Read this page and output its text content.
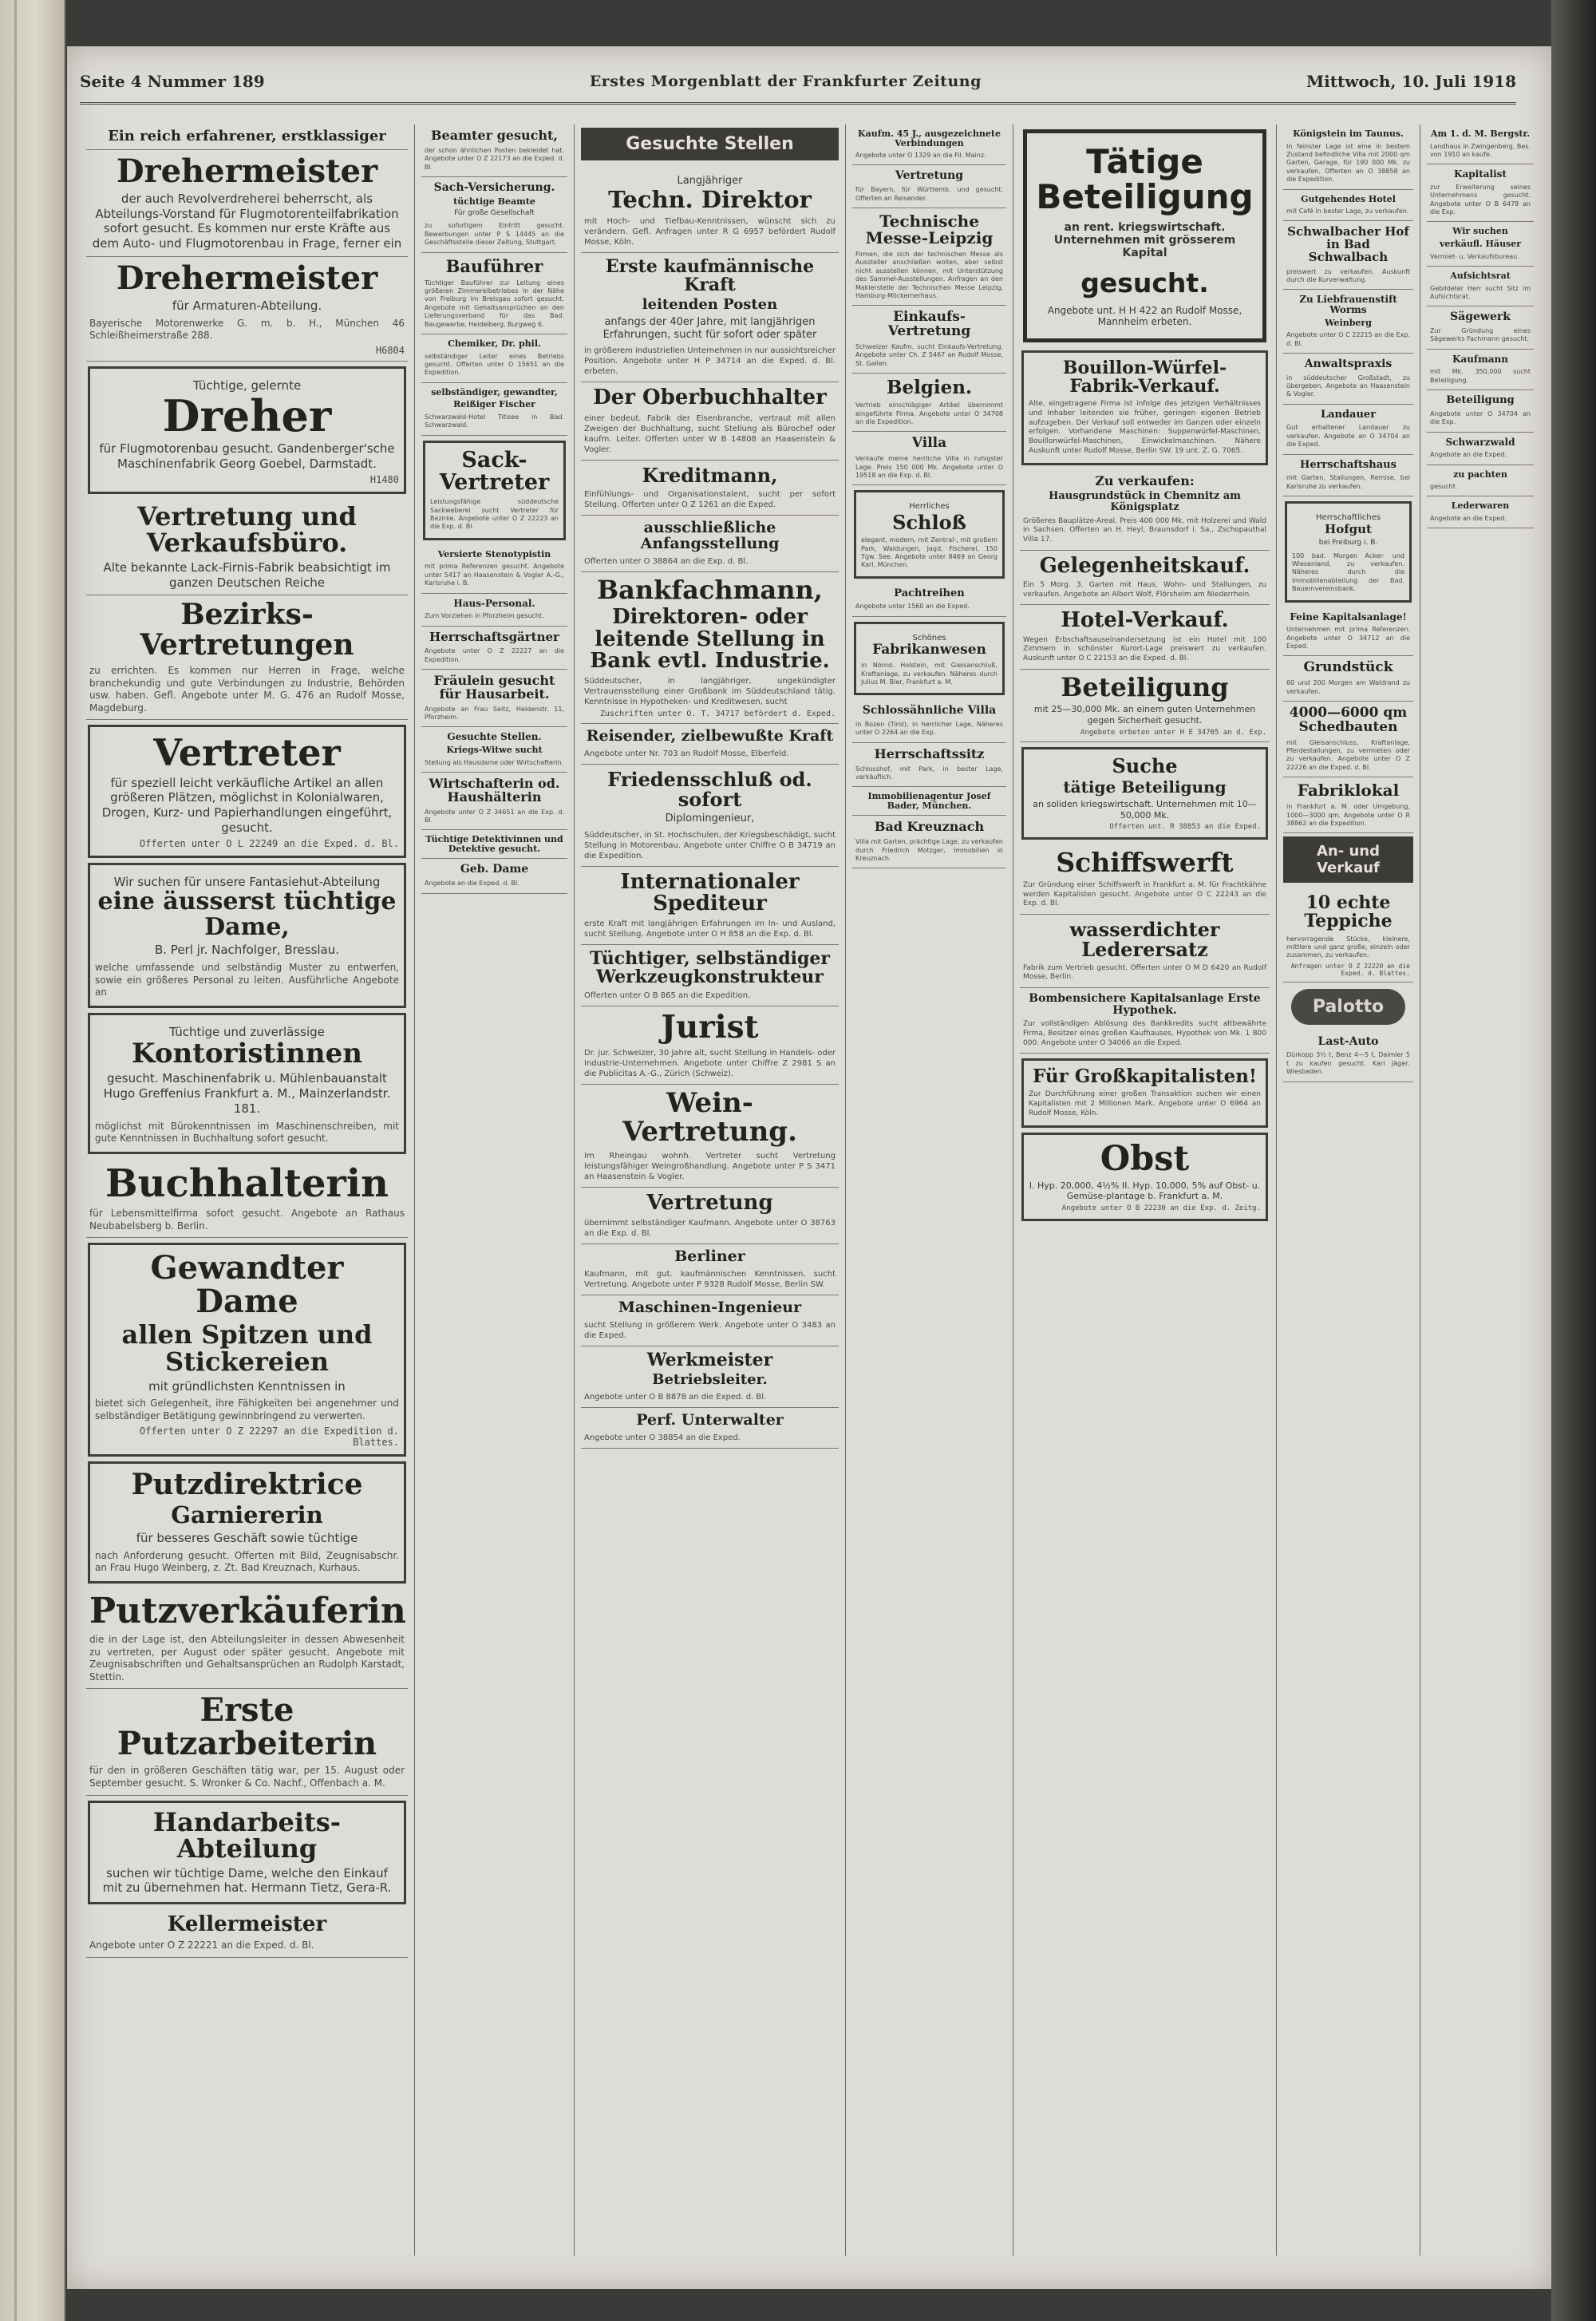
Seite 4 Nummer 189	Erstes Morgenblatt der Frankfurter Zeitung	Mittwoch, 10. Juli 1918
Ein reich erfahrener, erstklassiger
Drehermeister
der auch Revolverdreherei beherrscht, als Abteilungs-Vorstand für Flugmotorenteilfabrikation sofort gesucht. Es kommen nur erste Kräfte aus dem Auto- und Flugmotorenbau in Frage, ferner ein
Drehermeister
für Armaturen-Abteilung.
Bayerische Motorenwerke G. m. b. H., München 46 Schleißheimerstraße 288.
H6804
Tüchtige, gelernte
Dreher
für Flugmotorenbau gesucht. Gandenberger'sche Maschinenfabrik Georg Goebel, Darmstadt.
H1480
Vertretung und Verkaufsbüro.
Alte bekannte Lack-Firnis-Fabrik beabsichtigt im ganzen Deutschen Reiche
Bezirks-Vertretungen
zu errichten. Es kommen nur Herren in Frage, welche branchekundig und gute Verbindungen zu Industrie, Behörden usw. haben. Gefl. Angebote unter M. G. 476 an Rudolf Mosse, Magdeburg.
Vertreter
für speziell leicht verkäufliche Artikel an allen größeren Plätzen, möglichst in Kolonialwaren, Drogen, Kurz- und Papierhandlungen eingeführt, gesucht.
Offerten unter O L 22249 an die Exped. d. Bl.
Wir suchen für unsere Fantasiehut-Abteilung
eine äusserst tüchtige Dame,
B. Perl jr. Nachfolger, Bresslau.
welche umfassende und selbständig Muster zu entwerfen, sowie ein größeres Personal zu leiten. Ausführliche Angebote an
Tüchtige und zuverlässige
Kontoristinnen
gesucht. Maschinenfabrik u. Mühlenbauanstalt Hugo Greffenius Frankfurt a. M., Mainzerlandstr. 181.
möglichst mit Bürokenntnissen im Maschinenschreiben, mit gute Kenntnissen in Buchhaltung sofort gesucht.
Buchhalterin
für Lebensmittelfirma sofort gesucht. Angebote an Rathaus Neubabelsberg b. Berlin.
Gewandter Dame
allen Spitzen und Stickereien
mit gründlichsten Kenntnissen in
bietet sich Gelegenheit, ihre Fähigkeiten bei angenehmer und selbständiger Betätigung gewinnbringend zu verwerten.
Offerten unter O Z 22297 an die Expedition d. Blattes.
Putzdirektrice
Garniererin
für besseres Geschäft sowie tüchtige
nach Anforderung gesucht. Offerten mit Bild, Zeugnisabschr. an Frau Hugo Weinberg, z. Zt. Bad Kreuznach, Kurhaus.
Putzverkäuferin
die in der Lage ist, den Abteilungsleiter in dessen Abwesenheit zu vertreten, per August oder später gesucht. Angebote mit Zeugnisabschriften und Gehaltsansprüchen an Rudolph Karstadt, Stettin.
Erste Putzarbeiterin
für den in größeren Geschäften tätig war, per 15. August oder September gesucht. S. Wronker & Co. Nachf., Offenbach a. M.
Handarbeits-Abteilung
suchen wir tüchtige Dame, welche den Einkauf mit zu übernehmen hat. Hermann Tietz, Gera-R.
Kellermeister
Angebote unter O Z 22221 an die Exped. d. Bl.
Beamter gesucht,
der schon ähnlichen Posten bekleidet hat. Angebote unter O Z 22173 an die Exped. d. Bl.
Sach-Versicherung.
tüchtige Beamte
Für große Gesellschaft
zu sofortigem Eintritt gesucht. Bewerbungen unter P S 14445 an die Geschäftsstelle dieser Zeitung, Stuttgart.
Bauführer
Tüchtiger Bauführer zur Leitung eines größeren Zimmereibetriebes in der Nähe von Freiburg im Breisgau sofort gesucht. Angebote mit Gehaltsansprüchen an den Lieferungsverband für das Bad. Baugewerbe, Heidelberg, Burgweg 6.
Chemiker, Dr. phil.
selbständiger Leiter eines Betriebs gesucht. Offerten unter O 15651 an die Expedition.
selbständiger, gewandter,
Reißiger Fischer
Schwarzwald-Hotel Titisee in Bad. Schwarzwald.
Sack-Vertreter
Leistungsfähige süddeutsche Sackweberei sucht Vertreter für Bezirke. Angebote unter O Z 22223 an die Exp. d. Bl.
Versierte Stenotypistin
mit prima Referenzen gesucht. Angebote unter 5417 an Haasenstein & Vogler A.-G., Karlsruhe i. B.
Haus-Personal.
Zum Vorziehen in Pforzheim gesucht.
Herrschaftsgärtner
Angebote unter O Z 22227 an die Expedition.
Fräulein gesucht für Hausarbeit.
Angebote an Frau Seitz, Heidenstr. 11, Pforzheim.
Gesuchte Stellen.
Kriegs-Witwe sucht
Stellung als Hausdame oder Wirtschafterin.
Wirtschafterin od. Haushälterin
Angebote unter O Z 34651 an die Exp. d. Bl.
Tüchtige Detektivinnen und Detektive gesucht.
Geb. Dame
Angebote an die Exped. d. Bl.
Gesuchte Stellen
Langjähriger
Techn. Direktor
mit Hoch- und Tiefbau-Kenntnissen, wünscht sich zu verändern. Gefl. Anfragen unter R G 6957 befördert Rudolf Mosse, Köln.
Erste kaufmännische Kraft
leitenden Posten
anfangs der 40er Jahre, mit langjährigen Erfahrungen, sucht für sofort oder später
in größerem industriellen Unternehmen in nur aussichtsreicher Position. Angebote unter H P 34714 an die Exped. d. Bl. erbeten.
Der Oberbuchhalter
einer bedeut. Fabrik der Eisenbranche, vertraut mit allen Zweigen der Buchhaltung, sucht Stellung als Bürochef oder kaufm. Leiter. Offerten unter W B 14808 an Haasenstein & Vogler.
Kreditmann,
Einfühlungs- und Organisationstalent, sucht per sofort Stellung. Offerten unter O Z 1261 an die Exped.
ausschließliche Anfangsstellung
Offerten unter O 38864 an die Exp. d. Bl.
Bankfachmann,
Direktoren- oder leitende Stellung in Bank evtl. Industrie.
Süddeutscher, in langjähriger, ungekündigter Vertrauensstellung einer Großbank im Süddeutschland tätig. Kenntnisse in Hypotheken- und Kreditwesen, sucht
Zuschriften unter O. T. 34717 befördert d. Exped.
Reisender, zielbewußte Kraft
Angebote unter Nr. 703 an Rudolf Mosse, Elberfeld.
Friedensschluß od. sofort
Diplomingenieur,
Süddeutscher, in St. Hochschulen, der Kriegsbeschädigt, sucht Stellung in Motorenbau. Angebote unter Chiffre O B 34719 an die Expedition.
Internationaler Spediteur
erste Kraft mit langjährigen Erfahrungen im In- und Ausland, sucht Stellung. Angebote unter O H 858 an die Exp. d. Bl.
Tüchtiger, selbständiger Werkzeugkonstrukteur
Offerten unter O B 865 an die Expedition.
Jurist
Dr. jur. Schweizer, 30 Jahre alt, sucht Stellung in Handels- oder Industrie-Unternehmen. Angebote unter Chiffre Z 2981 S an die Publicitas A.-G., Zürich (Schweiz).
Wein-Vertretung.
Im Rheingau wohnh. Vertreter sucht Vertretung leistungsfähiger Weingroßhandlung. Angebote unter P S 3471 an Haasenstein & Vogler.
Vertretung
übernimmt selbständiger Kaufmann. Angebote unter O 38763 an die Exp. d. Bl.
Berliner
Kaufmann, mit gut. kaufmännischen Kenntnissen, sucht Vertretung. Angebote unter P 9328 Rudolf Mosse, Berlin SW.
Maschinen-Ingenieur
sucht Stellung in größerem Werk. Angebote unter O 3483 an die Exped.
Werkmeister
Betriebsleiter.
Angebote unter O B 8878 an die Exped. d. Bl.
Perf. Unterwalter
Angebote unter O 38854 an die Exped.
Kaufm. 45 J., ausgezeichnete Verbindungen
Angebote unter O 1329 an die Fil. Mainz.
Vertretung
für Bayern, für Württemb. und gesucht. Offerten an Reisender.
Technische Messe-Leipzig
Firmen, die sich der technischen Messe als Aussteller anschließen wollen, aber selbst nicht ausstellen können, mit Unterstützung des Sammel-Ausstellungen. Anfragen an den Maklerstelle der Technischen Messe Leipzig, Hamburg-Möckernerhaus.
Einkaufs-Vertretung
Schweizer Kaufm. sucht Einkaufs-Vertretung. Angebote unter Ch. Z 5467 an Rudolf Mosse, St. Gallen.
Belgien.
Vertrieb einschlägiger Artikel übernimmt eingeführte Firma. Angebote unter O 34708 an die Expedition.
Villa
Verkaufe meine herrliche Villa in ruhigster Lage. Preis 150 000 Mk. Angebote unter O 19518 an die Exp. d. Bl.
Herrliches
Schloß
elegant, modern, mit Zentral-, mit großem Park, Waldungen, Jagd, Fischerei, 150 Tgw. See. Angebote unter 8469 an Georg Karl, München.
Pachtreihen
Angebote unter 1560 an die Exped.
Schönes
Fabrikanwesen
in Nörnd. Holstein, mit Gleisanschluß, Kraftanlage, zu verkaufen. Näheres durch Julius M. Bier, Frankfurt a. M.
Schlossähnliche Villa
in Bozen (Tirol), in herrlicher Lage, Näheres unter O 2264 an die Exp.
Herrschaftssitz
Schlosshof, mit Park, in bester Lage, verkäuflich.
Immobilienagentur Josef Bader, München.
Bad Kreuznach
Villa mit Garten, prächtige Lage, zu verkaufen durch Friedrich Motzger, Immobilien in Kreuznach.
Tätige Beteiligung
an rent. kriegswirtschaft. Unternehmen mit grösserem Kapital
gesucht.
Angebote unt. H H 422 an Rudolf Mosse, Mannheim erbeten.
Bouillon-Würfel-Fabrik-Verkauf.
Alte, eingetragene Firma ist infolge des jetzigen Verhältnisses und Inhaber leitenden sie früher, geringen eigenen Betrieb aufzugeben. Der Verkauf soll entweder im Ganzen oder einzeln erfolgen. Vorhandene Maschinen: Suppenwürfel-Maschinen, Bouillonwürfel-Maschinen, Einwickelmaschinen. Nähere Auskunft unter Rudolf Mosse, Berlin SW. 19 unt. Z. G. 7065.
Zu verkaufen:
Hausgrundstück in Chemnitz am Königsplatz
Größeres Bauplätze-Areal. Preis 400 000 Mk. mit Holzerei und Wald in Sachsen. Offerten an H. Heyl, Braunsdorf i. Sa., Zschopauthal Villa 17.
Gelegenheitskauf.
Ein 5 Morg. 3. Garten mit Haus, Wohn- und Stallungen, zu verkaufen. Angebote an Albert Wolf, Flörsheim am Niederrhein.
Hotel-Verkauf.
Wegen Erbschaftsauseinandersetzung ist ein Hotel mit 100 Zimmern in schönster Kurort-Lage preiswert zu verkaufen. Auskunft unter O C 22153 an die Exped. d. Bl.
Beteiligung
mit 25—30,000 Mk. an einem guten Unternehmen gegen Sicherheit gesucht.
Angebote erbeten unter H E 34705 an d. Exp.
Suche
tätige Beteiligung
an soliden kriegswirtschaft. Unternehmen mit 10—50,000 Mk.
Offerten unt. R 38853 an die Exped.
Schiffswerft
Zur Gründung einer Schiffswerft in Frankfurt a. M. für Frachtkähne werden Kapitalisten gesucht. Angebote unter O C 22243 an die Exp. d. Bl.
wasserdichter Lederersatz
Fabrik zum Vertrieb gesucht. Offerten unter O M D 6420 an Rudolf Mosse, Berlin.
Bombensichere Kapitalsanlage Erste Hypothek.
Zur vollständigen Ablösung des Bankkredits sucht altbewährte Firma, Besitzer eines großen Kaufhauses, Hypothek von Mk. 1 800 000. Angebote unter O 34066 an die Exped.
Für Großkapitalisten!
Zur Durchführung einer großen Transaktion suchen wir einen Kapitalisten mit 2 Millionen Mark. Angebote unter O 6964 an Rudolf Mosse, Köln.
Obst
I. Hyp. 20,000, 4½% II. Hyp. 10,000, 5% auf Obst- u. Gemüse-plantage b. Frankfurt a. M.
Angebote unter O B 22230 an die Exp. d. Zeitg.
Königstein im Taunus.
In feinster Lage ist eine in bestem Zustand befindliche Villa mit 2000 qm Garten, Garage, für 190 000 Mk. zu verkaufen. Offerten an O 38858 an die Expedition.
Gutgehendes Hotel
mit Café in bester Lage, zu verkaufen.
Schwalbacher Hof in Bad Schwalbach
preiswert zu verkaufen. Auskunft durch die Kurverwaltung.
Zu Liebfrauenstift Worms
Weinberg
Angebote unter O C 22215 an die Exp. d. Bl.
Anwaltspraxis
in süddeutscher Großstadt, zu übergeben. Angebote an Haasenstein & Vogler.
Landauer
Gut erhaltener Landauer zu verkaufen. Angebote an O 34704 an die Exped.
Herrschaftshaus
mit Garten, Stallungen, Remise, bei Karlsruhe zu verkaufen.
Herrschaftliches
Hofgut
bei Freiburg i. B.
100 bad. Morgen Acker- und Wiesenland, zu verkaufen. Näheres durch die Immobilienabteilung der Bad. Bauernvereinsbank.
Feine Kapitalsanlage!
Unternehmen mit prima Referenzen. Angebote unter O 34712 an die Exped.
Grundstück
60 und 200 Morgen am Waldrand zu verkaufen.
4000—6000 qm Schedbauten
mit Gleisanschluss, Kraftanlage, Pferdestallungen, zu vermieten oder zu verkaufen. Angebote unter O Z 22226 an die Exped. d. Bl.
Fabriklokal
in Frankfurt a. M. oder Umgebung, 1000—3000 qm. Angebote unter O R 38862 an die Expedition.
An- und Verkauf
10 echte Teppiche
hervorragende Stücke, kleinere, mittlere und ganz große, einzeln oder zusammen, zu verkaufen.
Anfragen unter O Z 22220 an die Exped. d. Blattes.
Palotto
Last-Auto
Dürkopp 3½ t, Benz 4—5 t, Daimler 5 t zu kaufen gesucht. Karl Jäger, Wiesbaden.
Am 1. d. M. Bergstr.
Landhaus in Zwingenberg, Bes. von 1910 an kaufe.
Kapitalist
zur Erweiterung seines Unternehmens gesucht. Angebote unter O B 6478 an die Exp.
Wir suchen
verkäufl. Häuser
Vermiet- u. Verkaufsbureau.
Aufsichtsrat
Gebildeter Herr sucht Sitz im Aufsichtsrat.
Sägewerk
Zur Gründung eines Sägewerks Fachmann gesucht.
Kaufmann
mit Mk. 350,000 sucht Beteiligung.
Beteiligung
Angebote unter O 34704 an die Exp.
Schwarzwald
Angebote an die Exped.
zu pachten
gesucht.
Lederwaren
Angebote an die Exped.
